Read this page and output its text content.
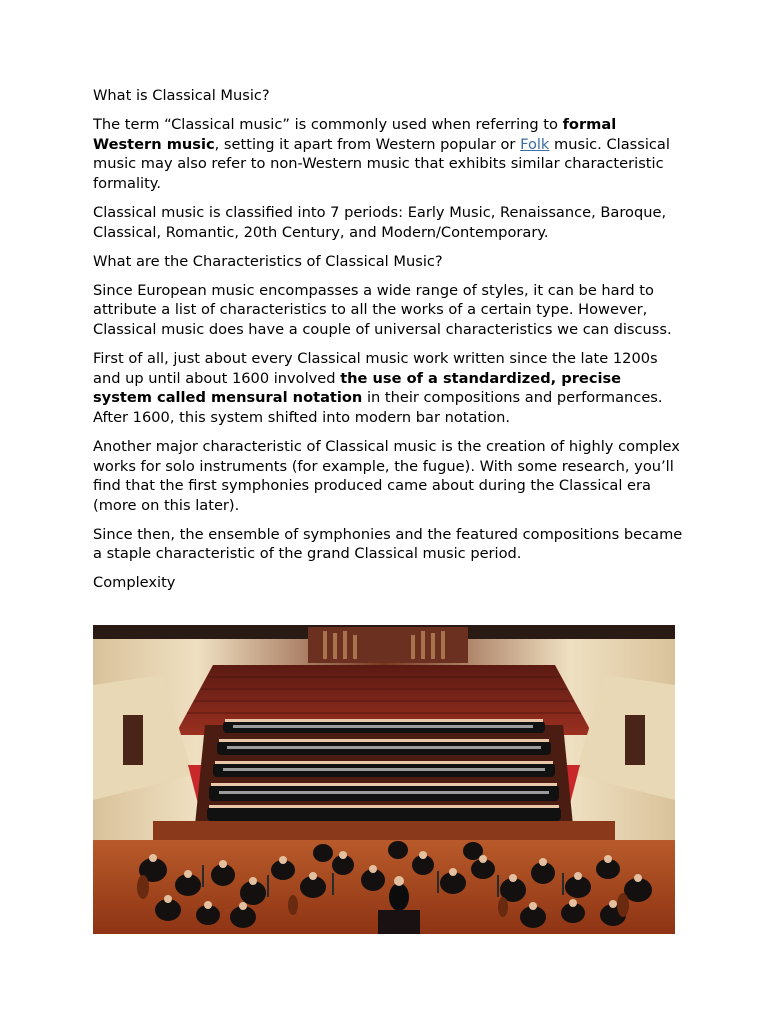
What is Classical Music?

The term “Classical music” is commonly used when referring to formal Western music, setting it apart from Western popular or Folk music. Classical music may also refer to non-Western music that exhibits similar characteristic formality.

Classical music is classified into 7 periods: Early Music, Renaissance, Baroque, Classical, Romantic, 20th Century, and Modern/Contemporary.

What are the Characteristics of Classical Music?

Since European music encompasses a wide range of styles, it can be hard to attribute a list of characteristics to all the works of a certain type. However, Classical music does have a couple of universal characteristics we can discuss.

First of all, just about every Classical music work written since the late 1200s and up until about 1600 involved the use of a standardized, precise system called mensural notation in their compositions and performances. After 1600, this system shifted into modern bar notation.

Another major characteristic of Classical music is the creation of highly complex works for solo instruments (for example, the fugue). With some research, you’ll find that the first symphonies produced came about during the Classical era (more on this later).

Since then, the ensemble of symphonies and the featured compositions became a staple characteristic of the grand Classical music period.

Complexity
